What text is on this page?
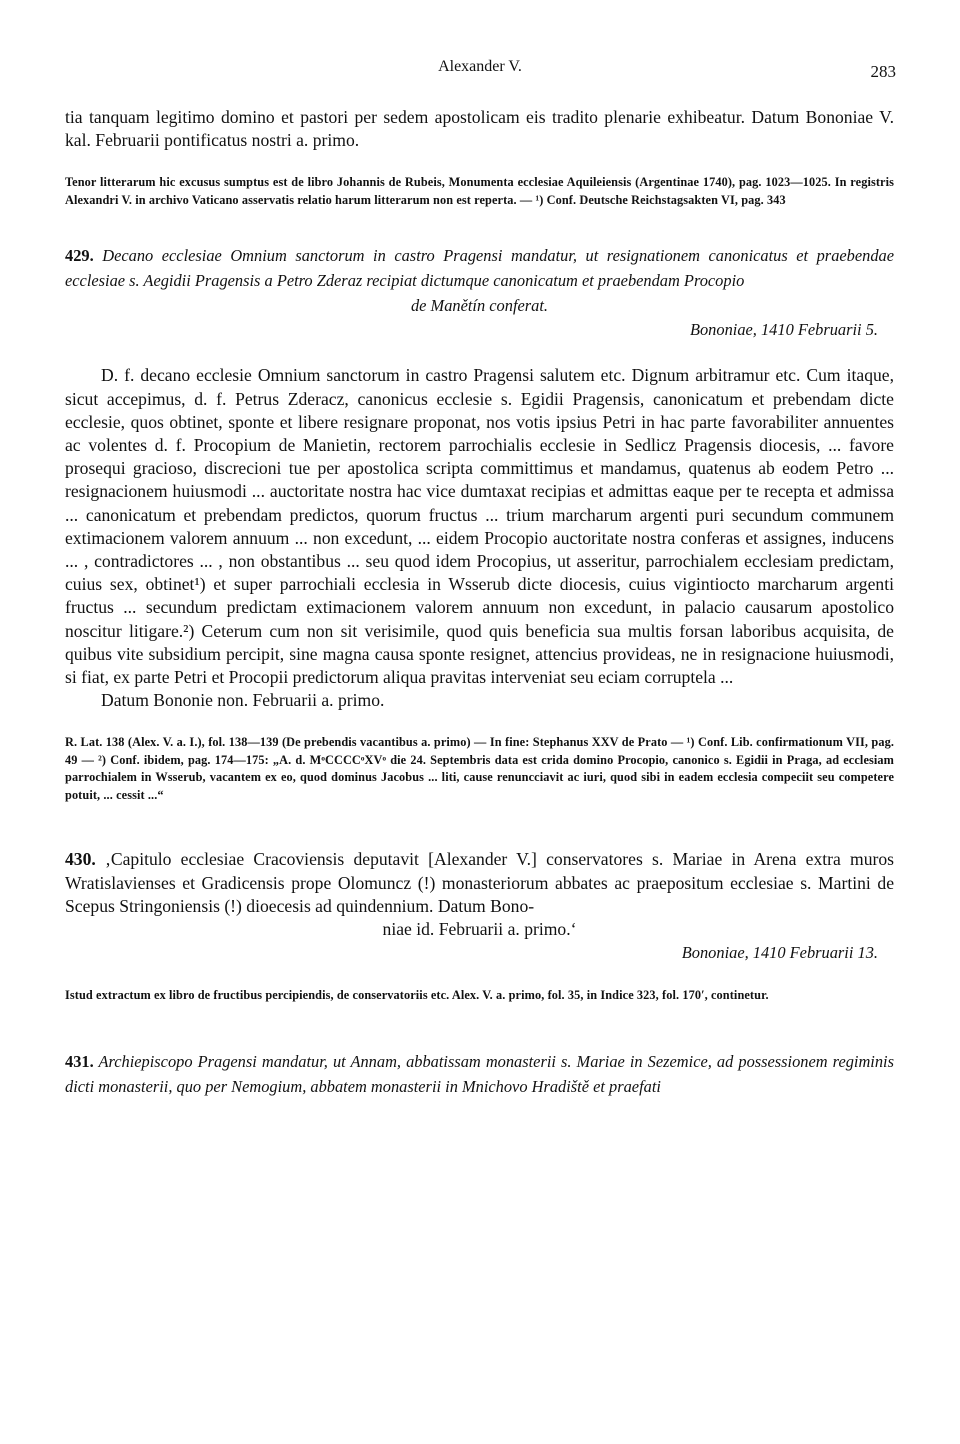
Alexander V.	283

tia tanquam legitimo domino et pastori per sedem apostolicam eis tradito plenarie exhibeatur. Datum Bononiae V. kal. Februarii pontificatus nostri a. primo.

Tenor litterarum hic excusus sumptus est de libro Johannis de Rubeis, Monumenta ecclesiae Aquileiensis (Argentinae 1740), pag. 1023—1025. In registris Alexandri V. in archivo Vaticano asservatis relatio harum litterarum non est reperta. — ¹) Conf. Deutsche Reichstagsakten VI, pag. 343

429. Decano ecclesiae Omnium sanctorum in castro Pragensi mandatur, ut resignationem canonicatus et praebendae ecclesiae s. Aegidii Pragensis a Petro Zderaz recipiat dictumque canonicatum et praebendam Procopio

de Manětín conferat.

Bononiae, 1410 Februarii 5.

D. f. decano ecclesie Omnium sanctorum in castro Pragensi salutem etc. Dignum arbitramur etc. Cum itaque, sicut accepimus, d. f. Petrus Zderacz, canonicus ecclesie s. Egidii Pragensis, canonicatum et prebendam dicte ecclesie, quos obtinet, sponte et libere resignare proponat, nos votis ipsius Petri in hac parte favorabiliter annuentes ac volentes d. f. Procopium de Manietin, rectorem parrochialis ecclesie in Sedlicz Pragensis diocesis, ... favore prosequi gracioso, discrecioni tue per apostolica scripta committimus et mandamus, quatenus ab eodem Petro ... resignacionem huiusmodi ... auctoritate nostra hac vice dumtaxat recipias et admittas eaque per te recepta et admissa ... canonicatum et prebendam predictos, quorum fructus ... trium marcharum argenti puri secundum communem extimacionem valorem annuum ... non excedunt, ... eidem Procopio auctoritate nostra conferas et assignes, inducens ... , contradictores ... , non obstantibus ... seu quod idem Procopius, ut asseritur, parrochialem ecclesiam predictam, cuius sex, obtinet¹) et super parrochiali ecclesia in Wsserub dicte diocesis, cuius vigintiocto marcharum argenti fructus ... secundum predictam extimacionem valorem annuum non excedunt, in palacio causarum apostolico noscitur litigare.²) Ceterum cum non sit verisimile, quod quis beneficia sua multis forsan laboribus acquisita, de quibus vite subsidium percipit, sine magna causa sponte resignet, attencius provideas, ne in resignacione huiusmodi, si fiat, ex parte Petri et Procopii predictorum aliqua pravitas interveniat seu eciam corruptela ...

Datum Bononie non. Februarii a. primo.

R. Lat. 138 (Alex. V. a. I.), fol. 138—139 (De prebendis vacantibus a. primo) — In fine: Stephanus XXV de Prato — ¹) Conf. Lib. confirmationum VII, pag. 49 — ²) Conf. ibidem, pag. 174—175: „A. d. MᵒCCCCᵒXVᵒ die 24. Septembris data est crida domino Procopio, canonico s. Egidii in Praga, ad ecclesiam parrochialem in Wsserub, vacantem ex eo, quod dominus Jacobus ... liti, cause renuncciavit ac iuri, quod sibi in eadem ecclesia compeciit seu competere potuit, ... cessit ...“

430. ‚Capitulo ecclesiae Cracoviensis deputavit [Alexander V.] conservatores s. Mariae in Arena extra muros Wratislavienses et Gradicensis prope Olomuncz (!) monasteriorum abbates ac praepositum ecclesiae s. Martini de Scepus Stringoniensis (!) dioecesis ad quindennium. Datum Bono-

niae id. Februarii a. primo.‘

Bononiae, 1410 Februarii 13.

Istud extractum ex libro de fructibus percipiendis, de conservatoriis etc. Alex. V. a. primo, fol. 35, in Indice 323, fol. 170ʹ, continetur.

431. Archiepiscopo Pragensi mandatur, ut Annam, abbatissam monasterii s. Mariae in Sezemice, ad possessionem regiminis dicti monasterii, quo per Nemogium, abbatem monasterii in Mnichovo Hradiště et praefati
